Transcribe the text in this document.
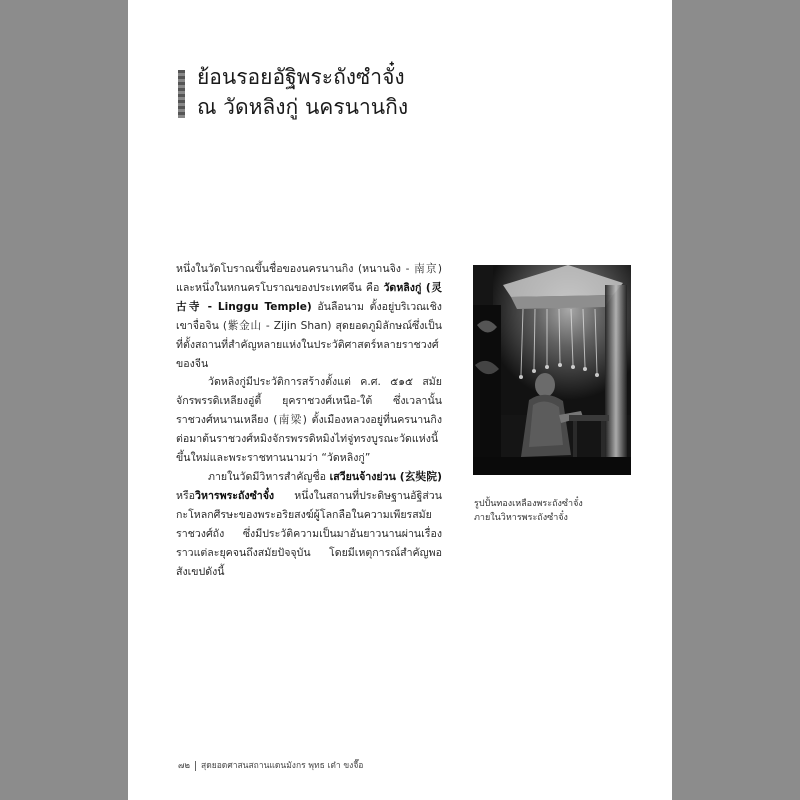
ย้อนรอยอัฐิพระถังซำจั๋ง
ณ วัดหลิงกู่ นครนานกิง

หนึ่งในวัดโบราณขึ้นชื่อของนครนานกิง (หนานจิง - 南京) และหนึ่งในหกนครโบราณของประเทศจีน คือ วัดหลิงกู่ (灵古寺 - Linggu Temple) อันลือนาม ตั้งอยู่บริเวณเชิงเขาจื่อจิน (紫金山 - Zijin Shan) สุดยอดภูมิลักษณ์ซึ่งเป็นที่ตั้งสถานที่สำคัญหลายแห่งในประวัติศาสตร์หลายราชวงศ์ของจีน

วัดหลิงกู่มีประวัติการสร้างตั้งแต่ ค.ศ. ๕๑๕ สมัยจักรพรรดิเหลียงอู่ตี้ ยุคราชวงศ์เหนือ-ใต้ ซึ่งเวลานั้นราชวงศ์หนานเหลียง (南梁) ตั้งเมืองหลวงอยู่ที่นครนานกิง ต่อมาต้นราชวงศ์หมิงจักรพรรดิหมิงไท่จู่ทรงบูรณะวัดแห่งนี้ขึ้นใหม่และพระราชทานนามว่า “วัดหลิงกู่”

ภายในวัดมีวิหารสำคัญชื่อ เสวียนจ้างย่วน (玄奘院) หรือวิหารพระถังซำจั๋ง หนึ่งในสถานที่ประดิษฐานอัฐิส่วนกะโหลกศีรษะของพระอริยสงฆ์ผู้โลกลือในความเพียรสมัยราชวงศ์ถัง ซึ่งมีประวัติความเป็นมาอันยาวนานผ่านเรื่องราวแต่ละยุคจนถึงสมัยปัจจุบัน โดยมีเหตุการณ์สำคัญพอสังเขปดังนี้

รูปปั้นทองเหลืองพระถังซำจั๋ง
ภายในวิหารพระถังซำจั๋ง
๗๒ สุดยอดศาสนสถานแดนมังกร พุทธ เต๋า ขงจื๊อ
